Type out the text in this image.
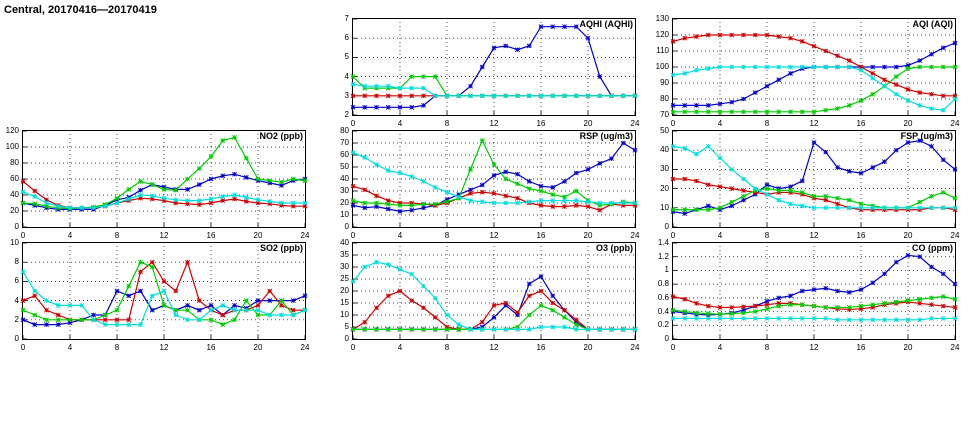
Central, 20170416—20170419
0	4	8	12	16	20	24
2
3
4
5
6
7
AQHI (AQHI)
0	4	8	12	16	20	24
70
80
90
100
110
120
130
AQI (AQI)
0	4	8	12	16	20	24
0
20
40
60
80
100
120
NO2 (ppb)
0	4	8	12	16	20	24
0
10
20
30
40
50
60
70
80
RSP (ug/m3)
0	4	8	12	16	20	24
0
10
20
30
40
50
FSP (ug/m3)
0	4	8	12	16	20	24
0
2
4
6
8
10
SO2 (ppb)
0	4	8	12	16	20	24
0
5
10
15
20
25
30
35
40
O3 (ppb)
0	4	8	12	16	20	24
0
0.2
0.4
0.6
0.8
1
1.2
1.4
CO (ppm)
